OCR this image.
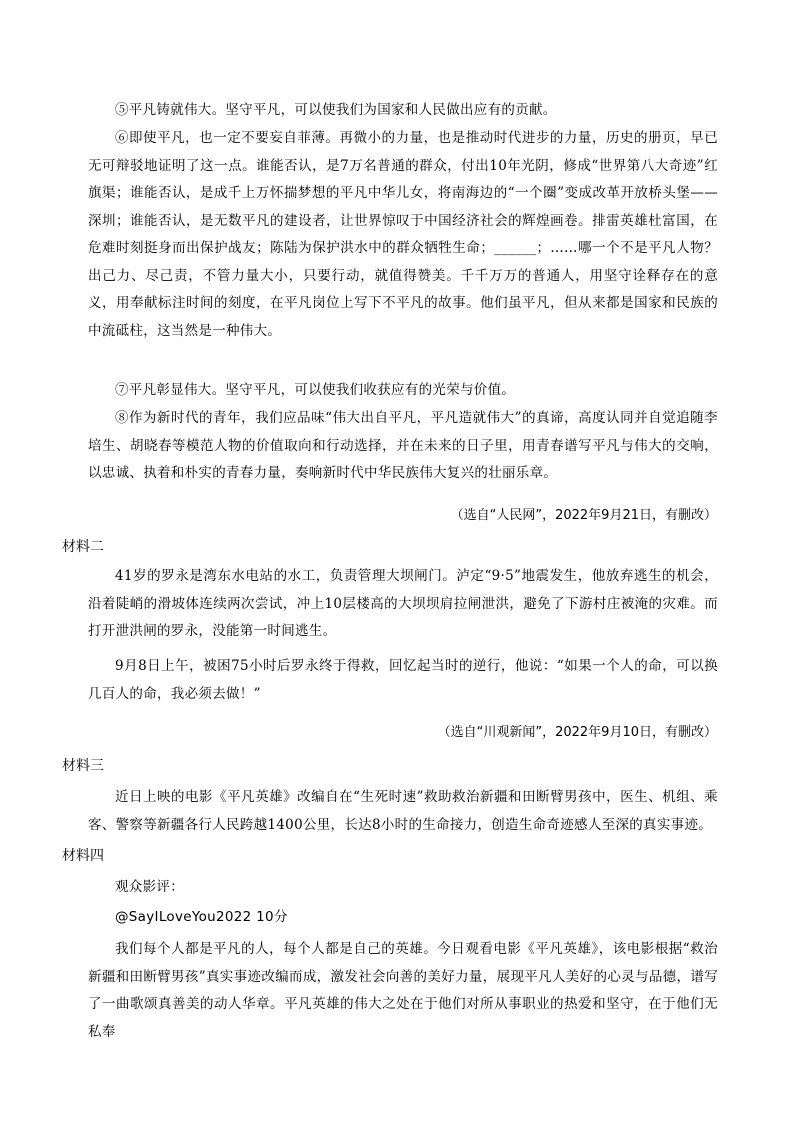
⑤平凡铸就伟大。坚守平凡，可以使我们为国家和人民做出应有的贡献。
⑥即使平凡，也一定不要妄自菲薄。再微小的力量，也是推动时代进步的力量，历史的册页，早已无可辩驳地证明了这一点。谁能否认，是7万名普通的群众，付出10年光阴，修成“世界第八大奇迹”红旗渠；谁能否认，是成千上万怀揣梦想的平凡中华儿女，将南海边的“一个圈”变成改革开放桥头堡——深圳；谁能否认，是无数平凡的建设者，让世界惊叹于中国经济社会的辉煌画卷。排雷英雄杜富国，在危难时刻挺身而出保护战友；陈陆为保护洪水中的群众牺牲生命；______；……哪一个不是平凡人物？出己力、尽己责，不管力量大小，只要行动，就值得赞美。千千万万的普通人，用坚守诠释存在的意义，用奉献标注时间的刻度，在平凡岗位上写下不平凡的故事。他们虽平凡，但从来都是国家和民族的中流砥柱，这当然是一种伟大。
⑦平凡彰显伟大。坚守平凡，可以使我们收获应有的光荣与价值。
⑧作为新时代的青年，我们应品味“伟大出自平凡，平凡造就伟大”的真谛，高度认同并自觉追随李培生、胡晓春等模范人物的价值取向和行动选择，并在未来的日子里，用青春谱写平凡与伟大的交响，以忠诚、执着和朴实的青春力量，奏响新时代中华民族伟大复兴的壮丽乐章。
（选自“人民网”，2022年9月21日，有删改）
材料二
41岁的罗永是湾东水电站的水工，负责管理大坝闸门。泸定“9·5”地震发生，他放弃逃生的机会，沿着陡峭的滑坡体连续两次尝试，冲上10层楼高的大坝坝肩拉闸泄洪，避免了下游村庄被淹的灾难。而打开泄洪闸的罗永，没能第一时间逃生。
9月8日上午，被困75小时后罗永终于得救，回忆起当时的逆行，他说：“如果一个人的命，可以换几百人的命，我必须去做！”
（选自“川观新闻”，2022年9月10日，有删改）
材料三
近日上映的电影《平凡英雄》改编自在“生死时速”救助救治新疆和田断臂男孩中，医生、机组、乘客、警察等新疆各行人民跨越1400公里，长达8小时的生命接力，创造生命奇迹感人至深的真实事迹。
材料四
观众影评：
@SayILoveYou2022 10分
我们每个人都是平凡的人，每个人都是自己的英雄。今日观看电影《平凡英雄》，该电影根据“救治新疆和田断臂男孩”真实事迹改编而成，激发社会向善的美好力量，展现平凡人美好的心灵与品德，谱写了一曲歌颂真善美的动人华章。平凡英雄的伟大之处在于他们对所从事职业的热爱和坚守，在于他们无私奉
